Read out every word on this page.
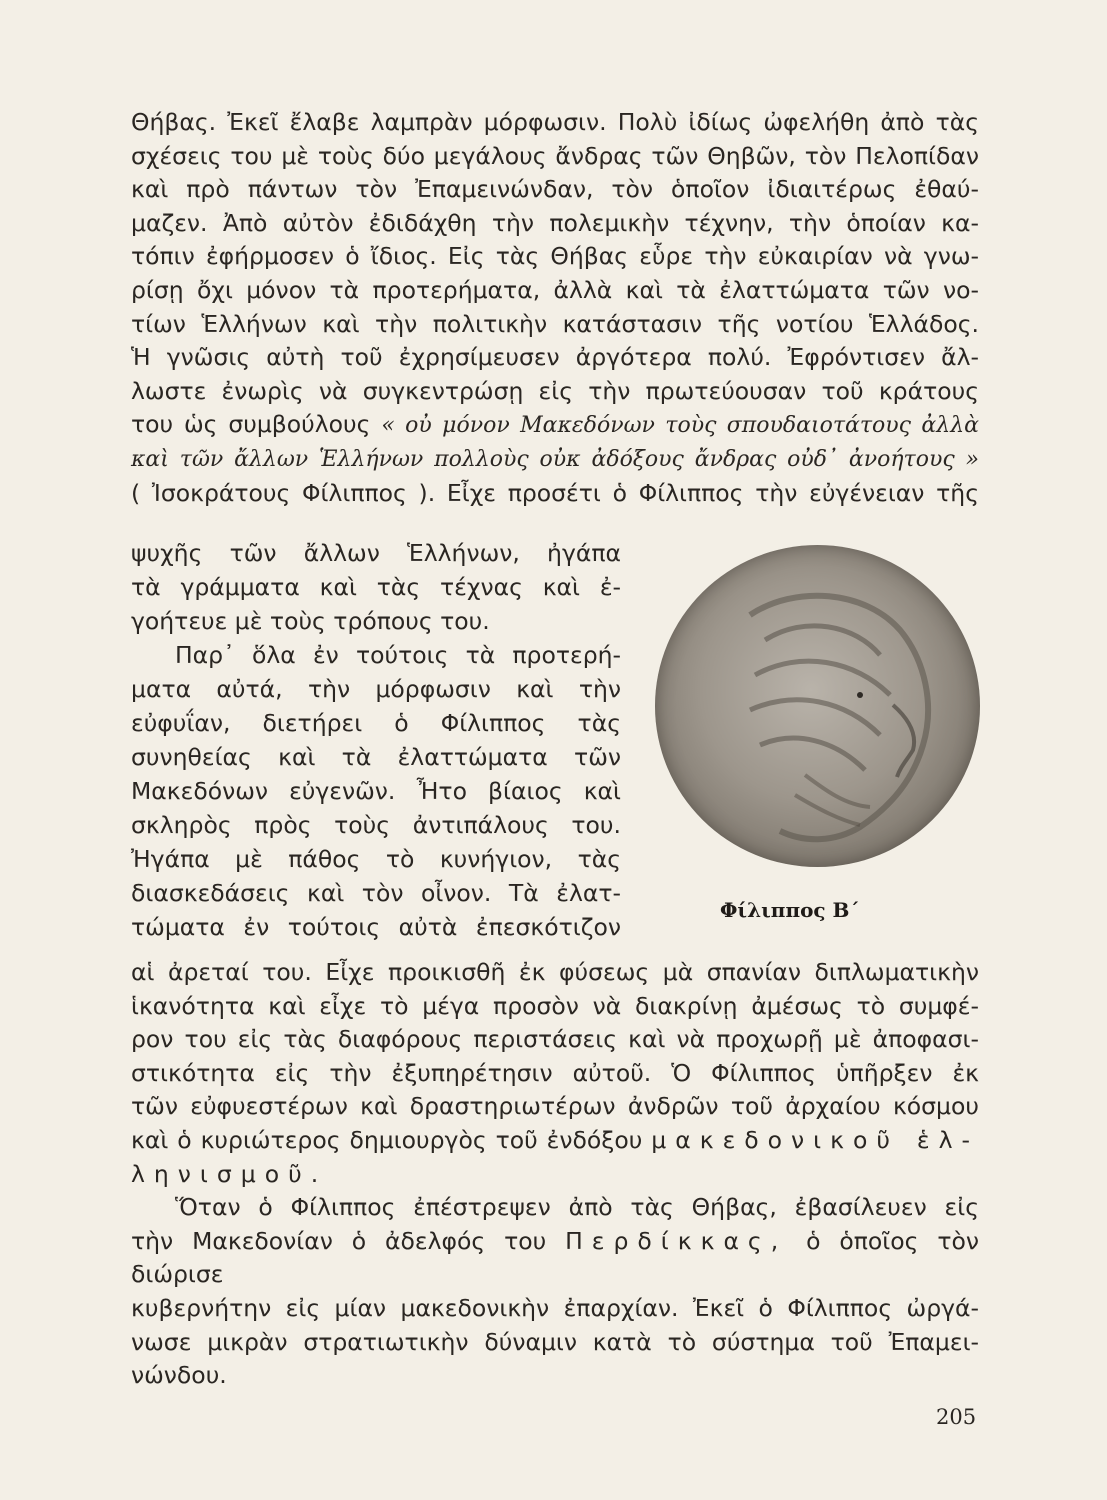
Θήβας. Ἐκεῖ ἔλαβε λαμπρὰν μόρφωσιν. Πολὺ ἰδίως ὠφελήθη ἀπὸ τὰς
σχέσεις του μὲ τοὺς δύο μεγάλους ἄνδρας τῶν Θηβῶν, τὸν Πελοπίδαν
καὶ πρὸ πάντων τὸν Ἐπαμεινώνδαν, τὸν ὁποῖον ἰδιαιτέρως ἐθαύ-
μαζεν. Ἀπὸ αὐτὸν ἐδιδάχθη τὴν πολεμικὴν τέχνην, τὴν ὁποίαν κα-
τόπιν ἐφήρμοσεν ὁ ἴδιος. Εἰς τὰς Θήβας εὗρε τὴν εὐκαιρίαν νὰ γνω-
ρίσῃ ὄχι μόνον τὰ προτερήματα, ἀλλὰ καὶ τὰ ἐλαττώματα τῶν νο-
τίων Ἑλλήνων καὶ τὴν πολιτικὴν κατάστασιν τῆς νοτίου Ἑλλάδος.
Ἡ γνῶσις αὐτὴ τοῦ ἐχρησίμευσεν ἀργότερα πολύ. Ἐφρόντισεν ἄλ-
λωστε ἐνωρὶς νὰ συγκεντρώσῃ εἰς τὴν πρωτεύουσαν τοῦ κράτους
του ὡς συμβούλους « οὐ μόνον Μακεδόνων τοὺς σπουδαιοτάτους ἀλλὰ
καὶ τῶν ἄλλων Ἑλλήνων πολλοὺς οὐκ ἀδόξους ἄνδρας οὐδ᾽ ἀνοήτους »
( Ἰσοκράτους Φίλιππος ). Εἶχε προσέτι ὁ Φίλιππος τὴν εὐγένειαν τῆς
ψυχῆς τῶν ἄλλων Ἑλλήνων, ἠγάπα
τὰ γράμματα καὶ τὰς τέχνας καὶ ἐ-
γοήτευε μὲ τοὺς τρόπους του.
Παρ᾽ ὅλα ἐν τούτοις τὰ προτερή-
ματα αὐτά, τὴν μόρφωσιν καὶ τὴν
εὐφυΐαν, διετήρει ὁ Φίλιππος τὰς
συνηθείας καὶ τὰ ἐλαττώματα τῶν
Μακεδόνων εὐγενῶν. Ἦτο βίαιος καὶ
σκληρὸς πρὸς τοὺς ἀντιπάλους του.
Ἠγάπα μὲ πάθος τὸ κυνήγιον, τὰς
διασκεδάσεις καὶ τὸν οἶνον. Τὰ ἐλατ-
τώματα ἐν τούτοις αὐτὰ ἐπεσκότιζον
Φίλιππος Β΄
αἱ ἀρεταί του. Εἶχε προικισθῆ ἐκ φύσεως μὰ σπανίαν διπλωματικὴν
ἱκανότητα καὶ εἶχε τὸ μέγα προσὸν νὰ διακρίνῃ ἀμέσως τὸ συμφέ-
ρον του εἰς τὰς διαφόρους περιστάσεις καὶ νὰ προχωρῇ μὲ ἀποφασι-
στικότητα εἰς τὴν ἐξυπηρέτησιν αὐτοῦ. Ὁ Φίλιππος ὑπῆρξεν ἐκ
τῶν εὐφυεστέρων καὶ δραστηριωτέρων ἀνδρῶν τοῦ ἀρχαίου κόσμου
καὶ ὁ κυριώτερος δημιουργὸς τοῦ ἐνδόξου μακεδονικοῦ ἑλ-
ληνισμοῦ.
Ὅταν ὁ Φίλιππος ἐπέστρεψεν ἀπὸ τὰς Θήβας, ἐβασίλευεν εἰς
τὴν Μακεδονίαν ὁ ἀδελφός του Περδίκκας, ὁ ὁποῖος τὸν διώρισε
κυβερνήτην εἰς μίαν μακεδονικὴν ἐπαρχίαν. Ἐκεῖ ὁ Φίλιππος ὠργά-
νωσε μικρὰν στρατιωτικὴν δύναμιν κατὰ τὸ σύστημα τοῦ Ἐπαμει-
νώνδου.
205
